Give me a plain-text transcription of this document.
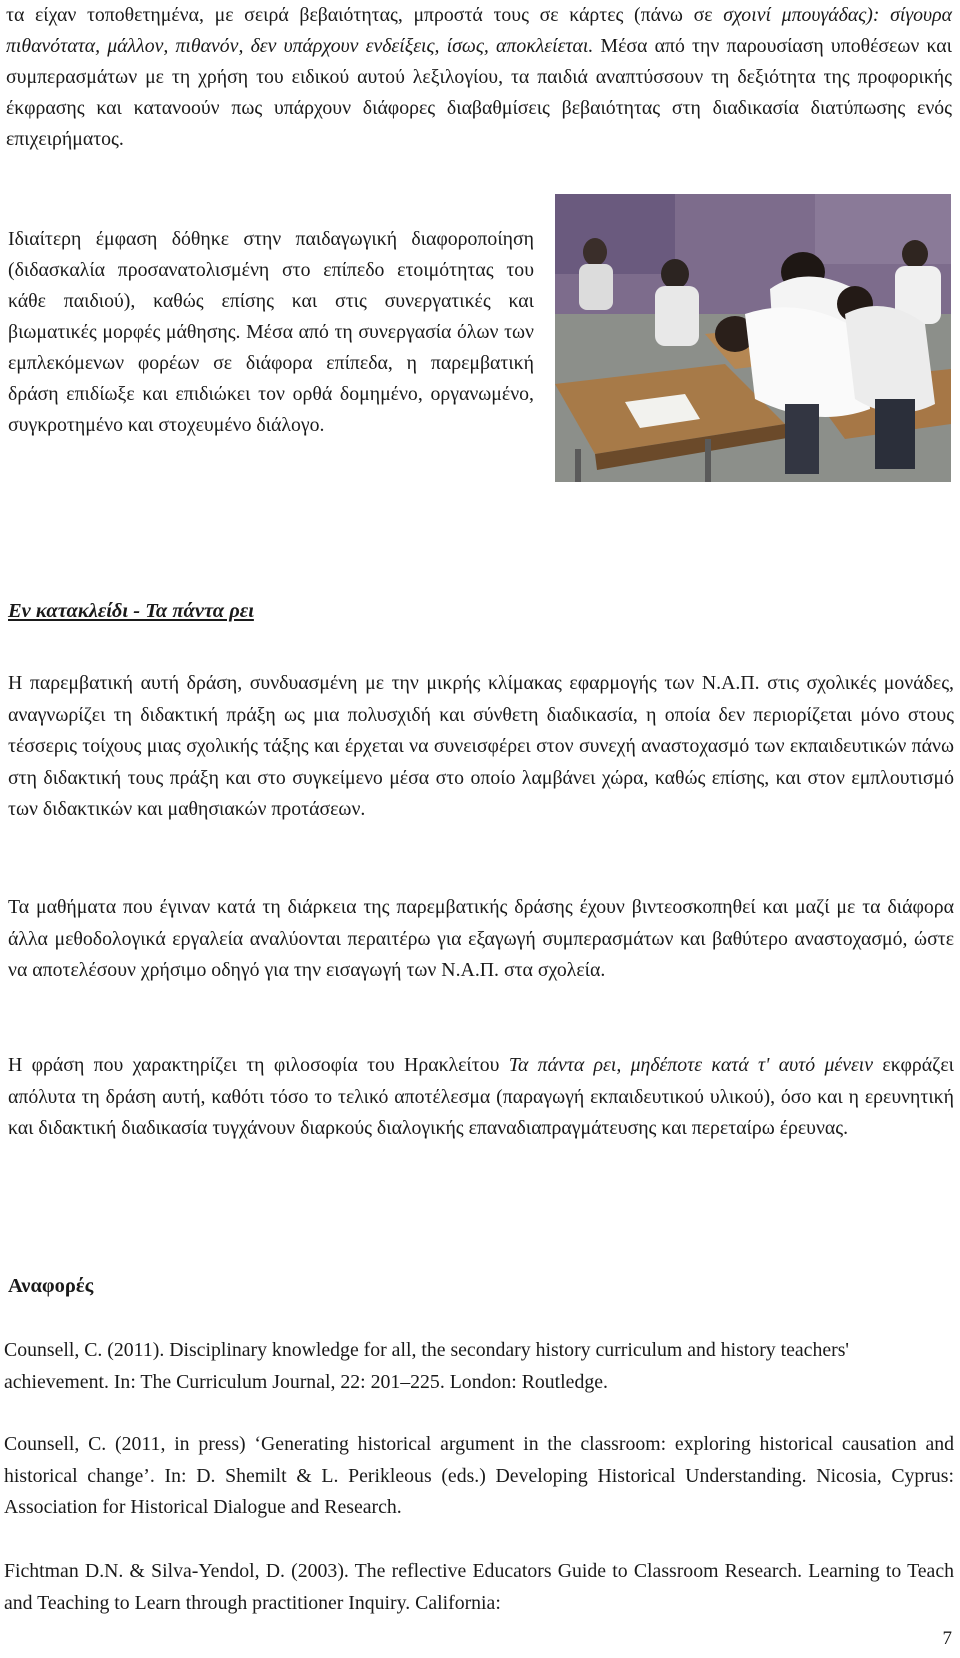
τα είχαν τοποθετημένα, με σειρά βεβαιότητας, μπροστά τους σε κάρτες (πάνω σε σχοινί μπουγάδας): σίγουρα πιθανότατα, μάλλον, πιθανόν, δεν υπάρχουν ενδείξεις, ίσως, αποκλείεται. Μέσα από την παρουσίαση υποθέσεων και συμπερασμάτων με τη χρήση του ειδικού αυτού λεξιλογίου, τα παιδιά αναπτύσσουν τη δεξιότητα της προφορικής έκφρασης και κατανοούν πως υπάρχουν διάφορες διαβαθμίσεις βεβαιότητας στη διαδικασία διατύπωσης ενός επιχειρήματος.

Ιδιαίτερη έμφαση δόθηκε στην παιδαγωγική διαφοροποίηση (διδασκαλία προσανατολισμένη στο επίπεδο ετοιμότητας του κάθε παιδιού), καθώς επίσης και στις συνεργατικές και βιωματικές μορφές μάθησης. Μέσα από τη συνεργασία όλων των εμπλεκόμενων φορέων σε διάφορα επίπεδα, η παρεμβατική δράση επιδίωξε και επιδιώκει τον ορθά δομημένο, οργανωμένο, συγκροτημένο και στοχευμένο διάλογο.

Εν κατακλείδι - Τα πάντα ρει

Η παρεμβατική αυτή δράση, συνδυασμένη με την μικρής κλίμακας εφαρμογής των Ν.Α.Π. στις σχολικές μονάδες, αναγνωρίζει τη διδακτική πράξη ως μια πολυσχιδή και σύνθετη διαδικασία, η οποία δεν περιορίζεται μόνο στους τέσσερις τοίχους μιας σχολικής τάξης και έρχεται να συνεισφέρει στον συνεχή αναστοχασμό των εκπαιδευτικών πάνω στη διδακτική τους πράξη και στο συγκείμενο μέσα στο οποίο λαμβάνει χώρα, καθώς επίσης, και στον εμπλουτισμό των διδακτικών και μαθησιακών προτάσεων.

Τα μαθήματα που έγιναν κατά τη διάρκεια της παρεμβατικής δράσης έχουν βιντεοσκοπηθεί και μαζί με τα διάφορα άλλα μεθοδολογικά εργαλεία αναλύονται περαιτέρω για εξαγωγή συμπερασμάτων και βαθύτερο αναστοχασμό, ώστε να αποτελέσουν χρήσιμο οδηγό για την εισαγωγή των Ν.Α.Π. στα σχολεία.

Η φράση που χαρακτηρίζει τη φιλοσοφία του Ηρακλείτου Τα πάντα ρει, μηδέποτε κατά τ' αυτό μένειν εκφράζει απόλυτα τη δράση αυτή, καθότι τόσο το τελικό αποτέλεσμα (παραγωγή εκπαιδευτικού υλικού), όσο και η ερευνητική και διδακτική διαδικασία τυγχάνουν διαρκούς διαλογικής επαναδιαπραγμάτευσης και περεταίρω έρευνας.

Αναφορές

Counsell, C. (2011). Disciplinary knowledge for all, the secondary history curriculum and history teachers' achievement. In: The Curriculum Journal, 22: 201–225. London: Routledge.

Counsell, C. (2011, in press) ‘Generating historical argument in the classroom: exploring historical causation and historical change’. In: D. Shemilt & L. Perikleous (eds.) Developing Historical Understanding. Nicosia, Cyprus: Association for Historical Dialogue and Research.

Fichtman D.N. & Silva-Yendol, D. (2003). The reflective Educators Guide to Classroom Research. Learning to Teach and Teaching to Learn through practitioner Inquiry. California:

7
